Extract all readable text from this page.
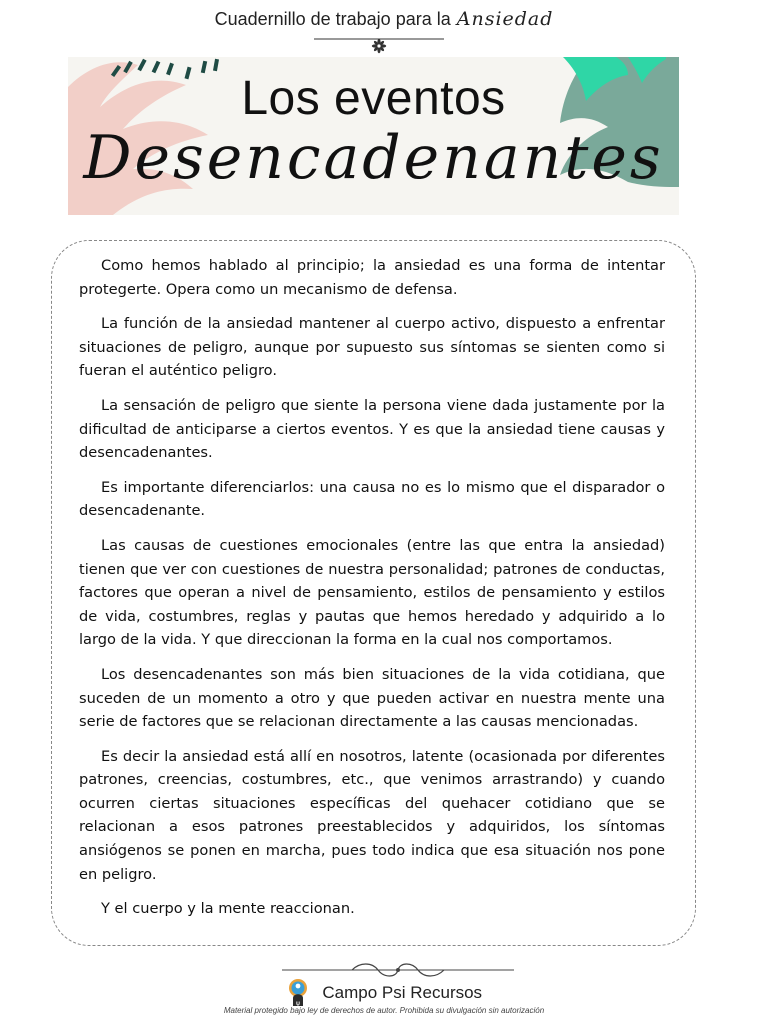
Cuadernillo de trabajo para la Ansiedad
Los eventos
Desencadenantes

Como hemos hablado al principio; la ansiedad es una forma de intentar protegerte. Opera como un mecanismo de defensa.

La función de la ansiedad mantener al cuerpo activo, dispuesto a enfrentar situaciones de peligro, aunque por supuesto sus síntomas se sienten como si fueran el auténtico peligro.

La sensación de peligro que siente la persona viene dada justamente por la dificultad de anticiparse a ciertos eventos. Y es que la ansiedad tiene causas y desencadenantes.

Es importante diferenciarlos: una causa no es lo mismo que el disparador o desencadenante.

Las causas de cuestiones emocionales (entre las que entra la ansiedad) tienen que ver con cuestiones de nuestra personalidad; patrones de conductas, factores que operan a nivel de pensamiento, estilos de pensamiento y estilos de vida, costumbres, reglas y pautas que hemos heredado y adquirido a lo largo de la vida. Y que direccionan la forma en la cual nos comportamos.

Los desencadenantes son más bien situaciones de la vida cotidiana, que suceden de un momento a otro y que pueden activar en nuestra mente una serie de factores que se relacionan directamente a las causas mencionadas.

Es decir la ansiedad está allí en nosotros, latente (ocasionada por diferentes patrones, creencias, costumbres, etc., que venimos arrastrando) y cuando ocurren ciertas situaciones específicas del quehacer cotidiano que se relacionan a esos patrones preestablecidos y adquiridos, los síntomas ansiógenos se ponen en marcha, pues todo indica que esa situación nos pone en peligro.

Y el cuerpo y la mente reaccionan.

ψ
Campo Psi Recursos
Material protegido bajo ley de derechos de autor. Prohibida su divulgación sin autorización
